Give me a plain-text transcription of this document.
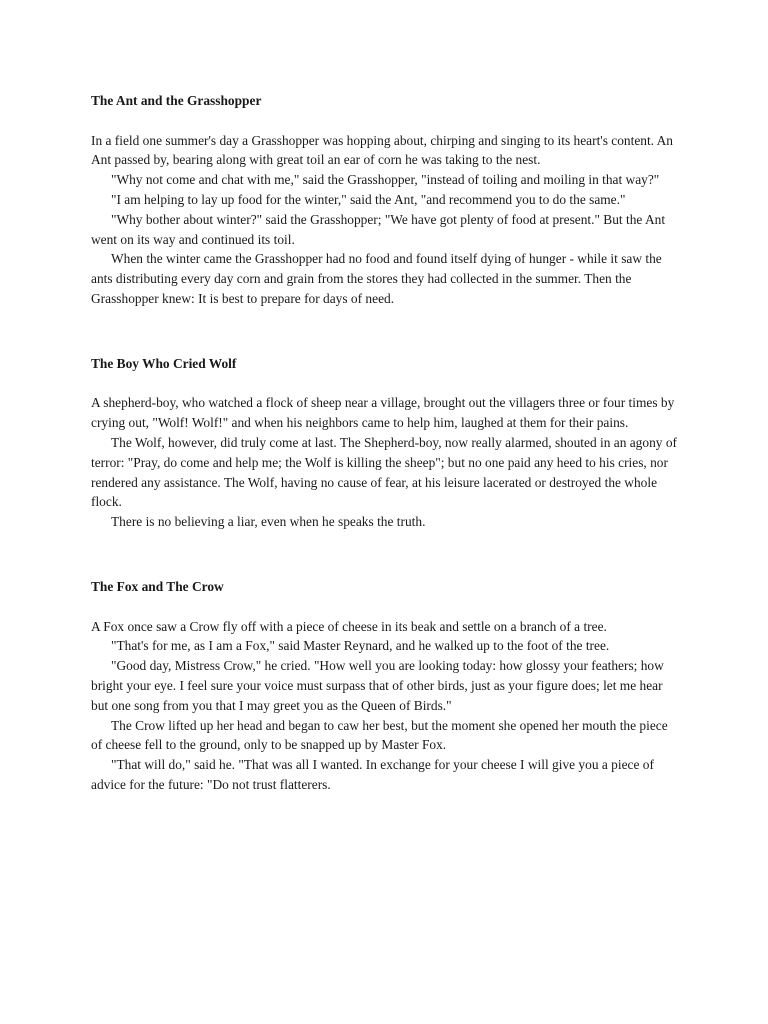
The Ant and the Grasshopper

In a field one summer's day a Grasshopper was hopping about, chirping and singing to its heart's content. An Ant passed by, bearing along with great toil an ear of corn he was taking to the nest.

"Why not come and chat with me," said the Grasshopper, "instead of toiling and moiling in that way?"

"I am helping to lay up food for the winter," said the Ant, "and recommend you to do the same."

"Why bother about winter?" said the Grasshopper; "We have got plenty of food at present." But the Ant went on its way and continued its toil.

When the winter came the Grasshopper had no food and found itself dying of hunger - while it saw the ants distributing every day corn and grain from the stores they had collected in the summer. Then the Grasshopper knew: It is best to prepare for days of need.

The Boy Who Cried Wolf

A shepherd-boy, who watched a flock of sheep near a village, brought out the villagers three or four times by crying out, "Wolf! Wolf!" and when his neighbors came to help him, laughed at them for their pains.

The Wolf, however, did truly come at last. The Shepherd-boy, now really alarmed, shouted in an agony of terror: "Pray, do come and help me; the Wolf is killing the sheep"; but no one paid any heed to his cries, nor rendered any assistance. The Wolf, having no cause of fear, at his leisure lacerated or destroyed the whole flock.

There is no believing a liar, even when he speaks the truth.

The Fox and The Crow

A Fox once saw a Crow fly off with a piece of cheese in its beak and settle on a branch of a tree.

"That's for me, as I am a Fox," said Master Reynard, and he walked up to the foot of the tree.

"Good day, Mistress Crow," he cried. "How well you are looking today: how glossy your feathers; how bright your eye. I feel sure your voice must surpass that of other birds, just as your figure does; let me hear but one song from you that I may greet you as the Queen of Birds."

The Crow lifted up her head and began to caw her best, but the moment she opened her mouth the piece of cheese fell to the ground, only to be snapped up by Master Fox.

"That will do," said he. "That was all I wanted. In exchange for your cheese I will give you a piece of advice for the future: "Do not trust flatterers.
